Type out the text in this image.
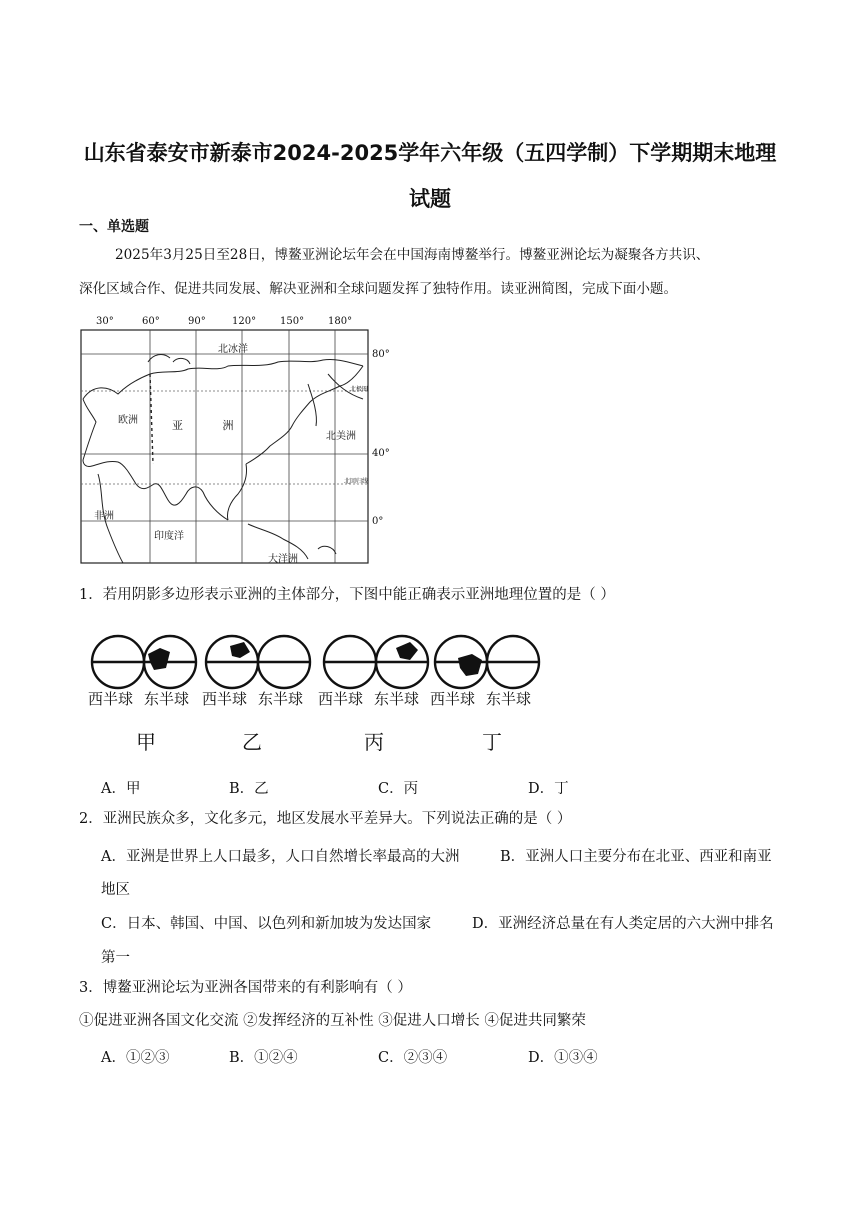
山东省泰安市新泰市2024-2025学年六年级（五四学制）下学期期末地理
试题
一、单选题
2025年3月25日至28日，博鳌亚洲论坛年会在中国海南博鳌举行。博鳌亚洲论坛为凝聚各方共识、
深化区域合作、促进共同发展、解决亚洲和全球问题发挥了独特作用。读亚洲简图，完成下面小题。
30°	60°	90°	120° 150° 180°
80°
40°
0°
北冰洋
欧洲	亚 洲
北美洲
非洲
印度洋
大洋洲
北极圈
北回归线
1．若用阴影多边形表示亚洲的主体部分，下图中能正确表示亚洲地理位置的是（ ）
西半球 东半球 西半球 东半球 西半球 东半球 西半球 东半球
甲	乙	丙	丁
A．甲	B．乙	C．丙	D．丁
2．亚洲民族众多，文化多元，地区发展水平差异大。下列说法正确的是（ ）
A．亚洲是世界上人口最多，人口自然增长率最高的大洲	B．亚洲人口主要分布在北亚、西亚和南亚
地区
C．日本、韩国、中国、以色列和新加坡为发达国家	D．亚洲经济总量在有人类定居的六大洲中排名
第一
3．博鳌亚洲论坛为亚洲各国带来的有利影响有（ ）
①促进亚洲各国文化交流 ②发挥经济的互补性 ③促进人口增长 ④促进共同繁荣
A．①②③	B．①②④	C．②③④	D．①③④
